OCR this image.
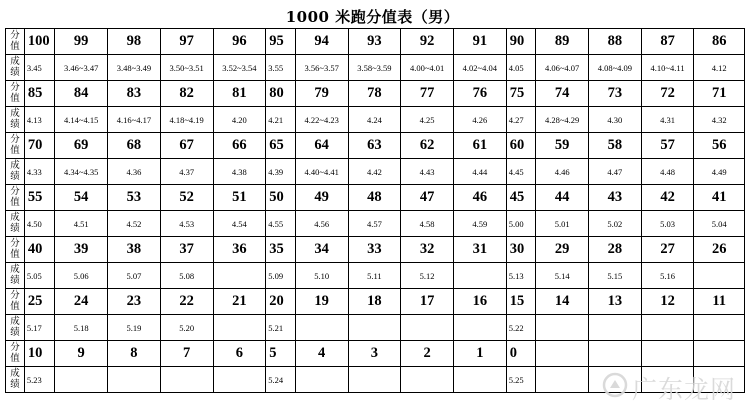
1000 米跑分值表（男）
分
值	100	99	98	97	96	95	94	93	92	91	90	89	88	87	86

成
绩	3.45	3.46~3.47	3.48~3.49	3.50~3.51	3.52~3.54	3.55	3.56~3.57	3.58~3.59	4.00~4.01	4.02~4.04	4.05	4.06~4.07	4.08~4.09	4.10~4.11	4.12

分
值	85	84	83	82	81	80	79	78	77	76	75	74	73	72	71

成
绩	4.13	4.14~4.15	4.16~4.17	4.18~4.19	4.20	4.21	4.22~4.23	4.24	4.25	4.26	4.27	4.28~4.29	4.30	4.31	4.32

分
值	70	69	68	67	66	65	64	63	62	61	60	59	58	57	56

成
绩	4.33	4.34~4.35	4.36	4.37	4.38	4.39	4.40~4.41	4.42	4.43	4.44	4.45	4.46	4.47	4.48	4.49

分
值	55	54	53	52	51	50	49	48	47	46	45	44	43	42	41

成
绩	4.50	4.51	4.52	4.53	4.54	4.55	4.56	4.57	4.58	4.59	5.00	5.01	5.02	5.03	5.04

分
值	40	39	38	37	36	35	34	33	32	31	30	29	28	27	26

成
绩	5.05	5.06	5.07	5.08		5.09	5.10	5.11	5.12		5.13	5.14	5.15	5.16	

分
值	25	24	23	22	21	20	19	18	17	16	15	14	13	12	11

成
绩	5.17	5.18	5.19	5.20		5.21					5.22				

分
值	10	9	8	7	6	5	4	3	2	1	0				

成
绩	5.23					5.24					5.25					广东龙网
